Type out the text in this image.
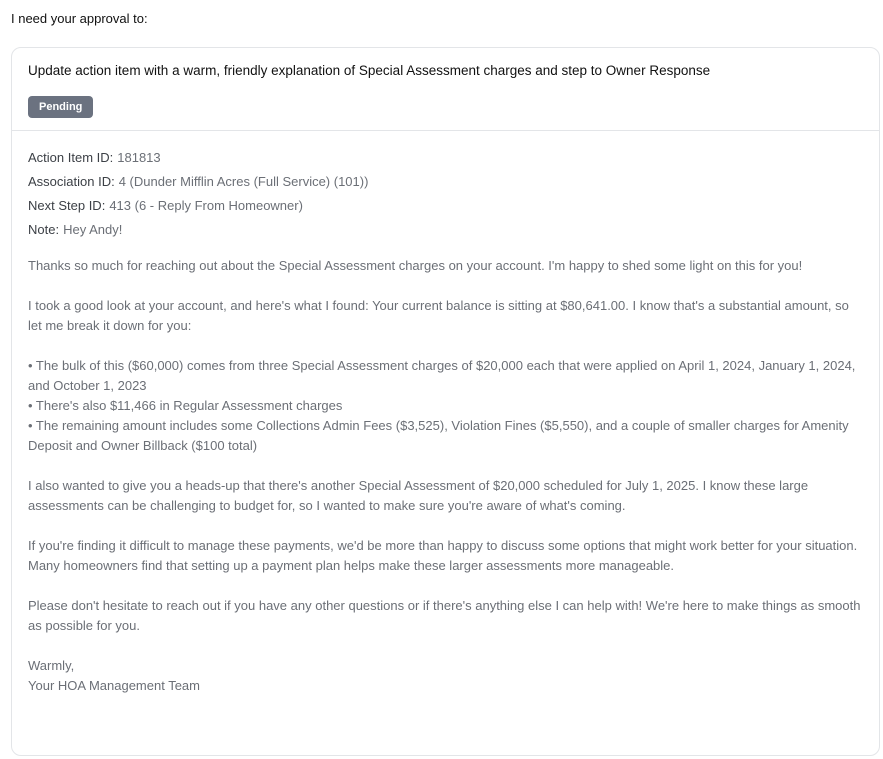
I need your approval to:
Update action item with a warm, friendly explanation of Special Assessment charges and step to Owner Response
Pending
Action Item ID: 181813
Association ID: 4 (Dunder Mifflin Acres (Full Service) (101))
Next Step ID: 413 (6 - Reply From Homeowner)
Note: Hey Andy!

Thanks so much for reaching out about the Special Assessment charges on your account. I'm happy to shed some light on this for you!

I took a good look at your account, and here's what I found: Your current balance is sitting at $80,641.00. I know that's a substantial amount, so let me break it down for you:

• The bulk of this ($60,000) comes from three Special Assessment charges of $20,000 each that were applied on April 1, 2024, January 1, 2024, and October 1, 2023

• There's also $11,466 in Regular Assessment charges

• The remaining amount includes some Collections Admin Fees ($3,525), Violation Fines ($5,550), and a couple of smaller charges for Amenity Deposit and Owner Billback ($100 total)

I also wanted to give you a heads-up that there's another Special Assessment of $20,000 scheduled for July 1, 2025. I know these large assessments can be challenging to budget for, so I wanted to make sure you're aware of what's coming.

If you're finding it difficult to manage these payments, we'd be more than happy to discuss some options that might work better for your situation. Many homeowners find that setting up a payment plan helps make these larger assessments more manageable.

Please don't hesitate to reach out if you have any other questions or if there's anything else I can help with! We're here to make things as smooth as possible for you.

Warmly,

Your HOA Management Team
